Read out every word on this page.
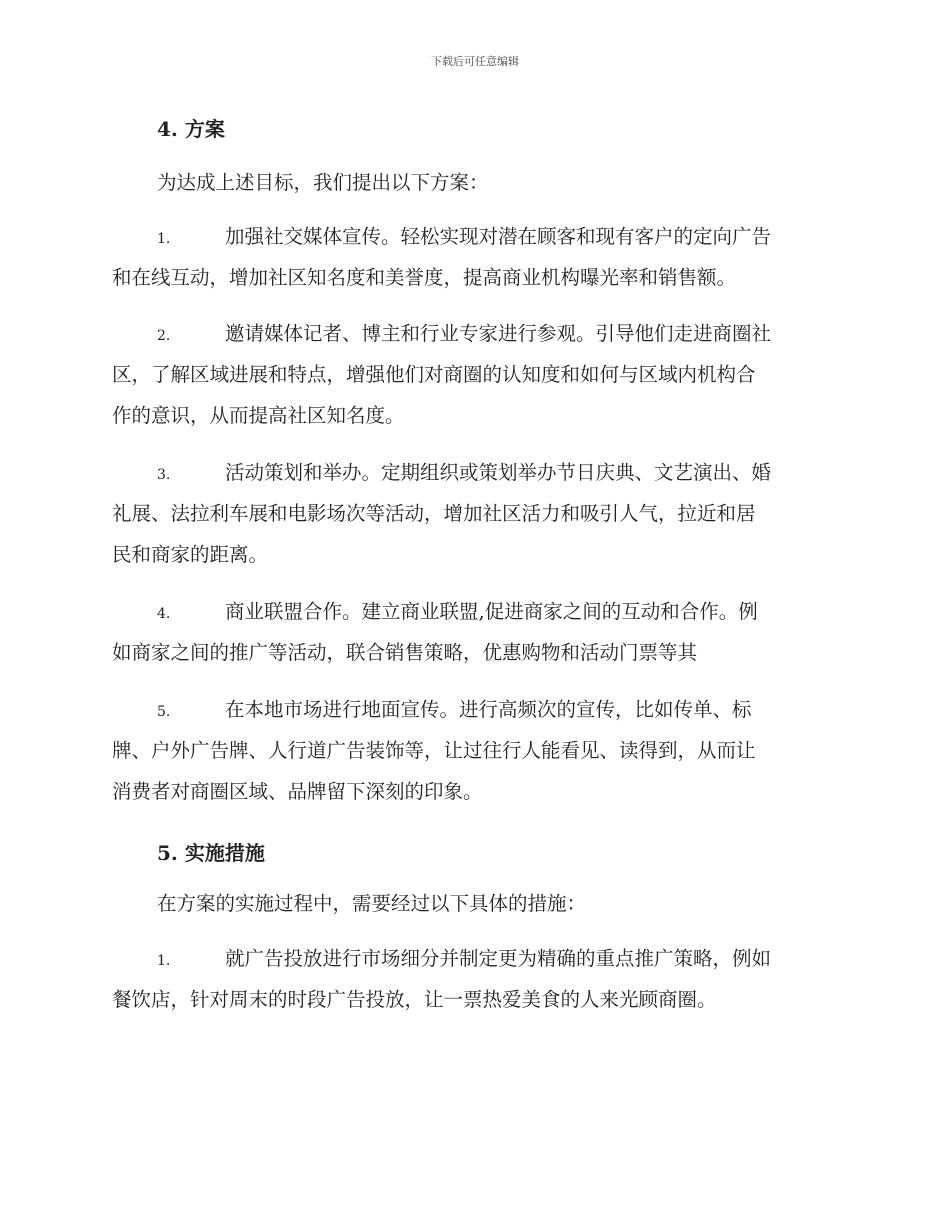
下载后可任意编辑
4. 方案
为达成上述目标，我们提出以下方案：
1.	加强社交媒体宣传。轻松实现对潜在顾客和现有客户的定向广告
和在线互动，增加社区知名度和美誉度，提高商业机构曝光率和销售额。
2.	邀请媒体记者、博主和行业专家进行参观。引导他们走进商圈社
区，了解区域进展和特点，增强他们对商圈的认知度和如何与区域内机构合
作的意识，从而提高社区知名度。
3.	活动策划和举办。定期组织或策划举办节日庆典、文艺演出、婚
礼展、法拉利车展和电影场次等活动，增加社区活力和吸引人气，拉近和居
民和商家的距离。
4.	商业联盟合作。建立商业联盟,促进商家之间的互动和合作。例
如商家之间的推广等活动，联合销售策略，优惠购物和活动门票等其
5.	在本地市场进行地面宣传。进行高频次的宣传，比如传单、标
牌、户外广告牌、人行道广告装饰等，让过往行人能看见、读得到，从而让
消费者对商圈区域、品牌留下深刻的印象。
5. 实施措施
在方案的实施过程中，需要经过以下具体的措施：
1.	就广告投放进行市场细分并制定更为精确的重点推广策略，例如
餐饮店，针对周末的时段广告投放，让一票热爱美食的人来光顾商圈。
